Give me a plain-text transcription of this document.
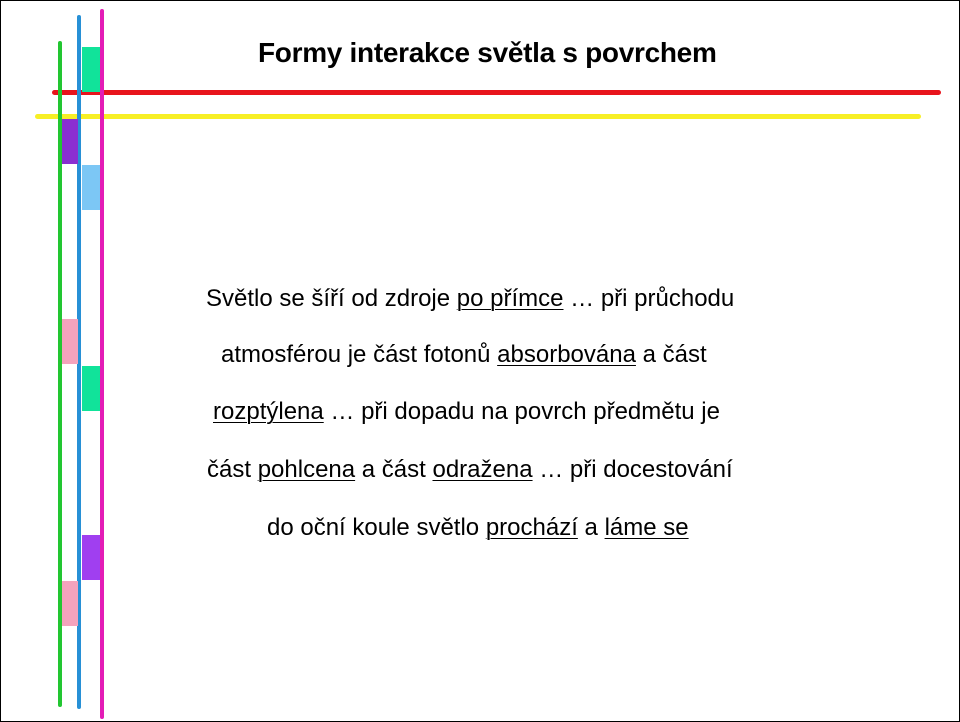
Formy interakce světla s povrchem
Světlo se šíří od zdroje po přímce … při průchodu
atmosférou je část fotonů absorbována a část
rozptýlena … při dopadu na povrch předmětu je
část pohlcena a část odražena … při docestování
do oční koule světlo prochází a láme se
